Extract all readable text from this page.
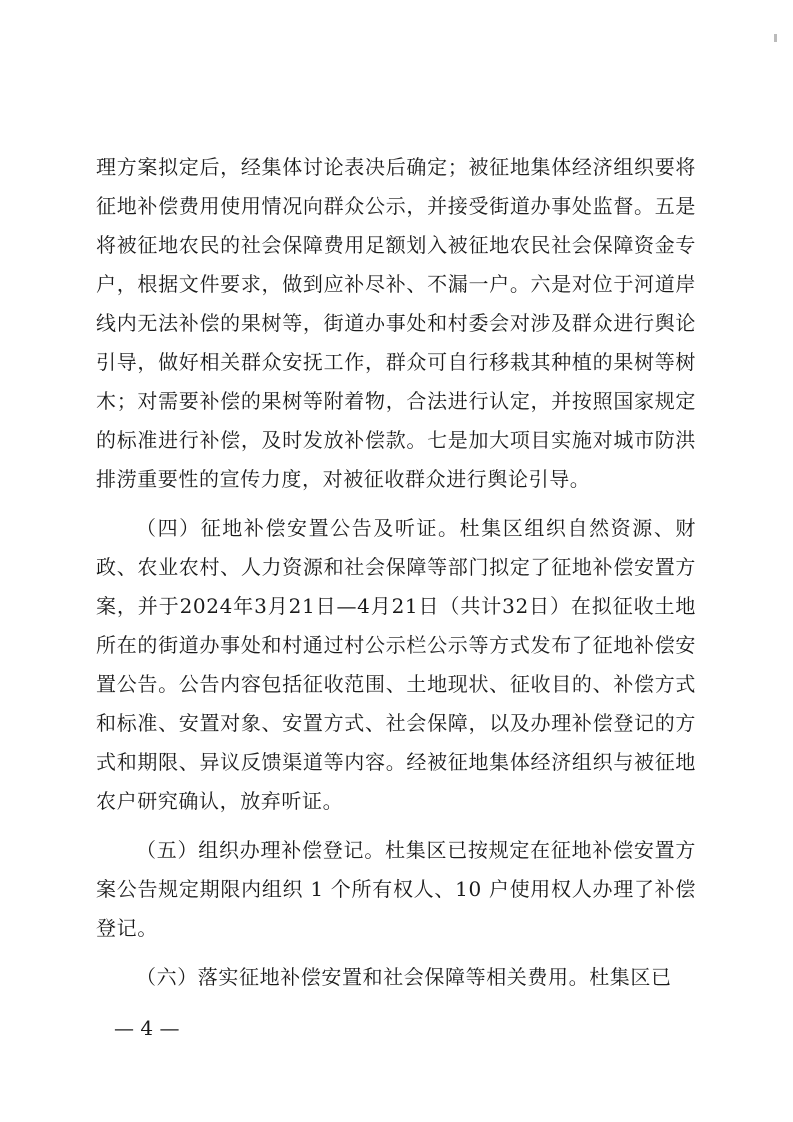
理方案拟定后，经集体讨论表决后确定；被征地集体经济组织要将征地补偿费用使用情况向群众公示，并接受街道办事处监督。五是将被征地农民的社会保障费用足额划入被征地农民社会保障资金专户，根据文件要求，做到应补尽补、不漏一户。六是对位于河道岸线内无法补偿的果树等，街道办事处和村委会对涉及群众进行舆论引导，做好相关群众安抚工作，群众可自行移栽其种植的果树等树木；对需要补偿的果树等附着物，合法进行认定，并按照国家规定的标准进行补偿，及时发放补偿款。七是加大项目实施对城市防洪排涝重要性的宣传力度，对被征收群众进行舆论引导。

（四）征地补偿安置公告及听证。杜集区组织自然资源、财政、农业农村、人力资源和社会保障等部门拟定了征地补偿安置方案，并于2024年3月21日—4月21日（共计32日）在拟征收土地所在的街道办事处和村通过村公示栏公示等方式发布了征地补偿安置公告。公告内容包括征收范围、土地现状、征收目的、补偿方式和标准、安置对象、安置方式、社会保障，以及办理补偿登记的方式和期限、异议反馈渠道等内容。经被征地集体经济组织与被征地农户研究确认，放弃听证。

（五）组织办理补偿登记。杜集区已按规定在征地补偿安置方案公告规定期限内组织 1 个所有权人、10 户使用权人办理了补偿登记。

（六）落实征地补偿安置和社会保障等相关费用。杜集区已

— 4 —
